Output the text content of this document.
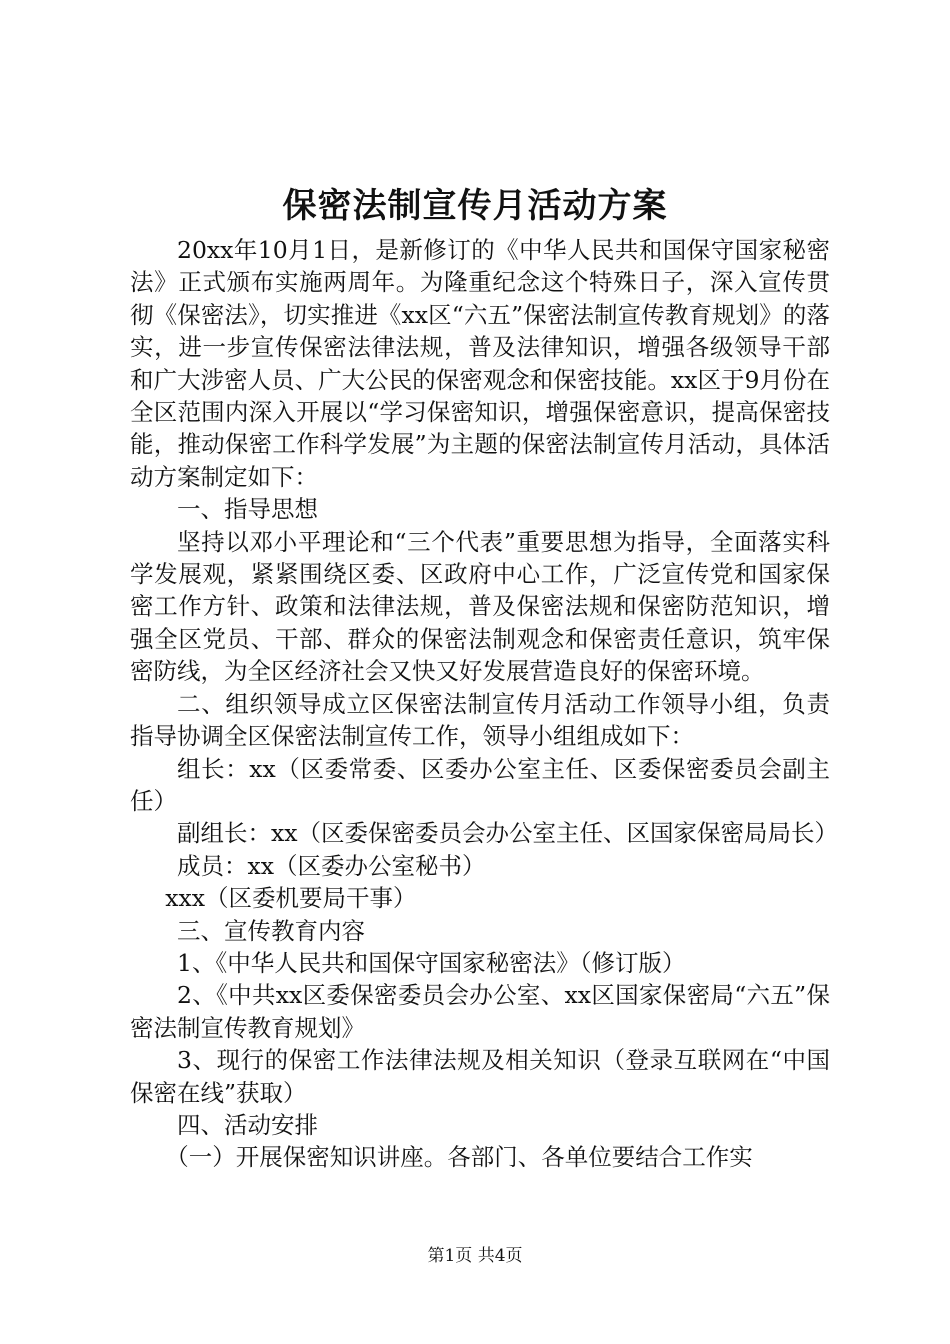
保密法制宣传月活动方案

20xx年10月1日，是新修订的《中华人民共和国保守国家秘密法》正式颁布实施两周年。为隆重纪念这个特殊日子，深入宣传贯彻《保密法》，切实推进《xx区“六五”保密法制宣传教育规划》的落实，进一步宣传保密法律法规，普及法律知识，增强各级领导干部和广大涉密人员、广大公民的保密观念和保密技能。xx区于9月份在全区范围内深入开展以“学习保密知识，增强保密意识，提高保密技能，推动保密工作科学发展”为主题的保密法制宣传月活动，具体活动方案制定如下：

一、指导思想

坚持以邓小平理论和“三个代表”重要思想为指导，全面落实科学发展观，紧紧围绕区委、区政府中心工作，广泛宣传党和国家保密工作方针、政策和法律法规，普及保密法规和保密防范知识，增强全区党员、干部、群众的保密法制观念和保密责任意识，筑牢保密防线，为全区经济社会又快又好发展营造良好的保密环境。

二、组织领导成立区保密法制宣传月活动工作领导小组，负责指导协调全区保密法制宣传工作，领导小组组成如下：

组长：xx（区委常委、区委办公室主任、区委保密委员会副主任）

副组长：xx（区委保密委员会办公室主任、区国家保密局局长）

成员：xx（区委办公室秘书）

xxx（区委机要局干事）

三、宣传教育内容

1、《中华人民共和国保守国家秘密法》（修订版）

2、《中共xx区委保密委员会办公室、xx区国家保密局“六五”保密法制宣传教育规划》

3、现行的保密工作法律法规及相关知识（登录互联网在“中国保密在线”获取）

四、活动安排

（一）开展保密知识讲座。各部门、各单位要结合工作实

第1页 共4页
